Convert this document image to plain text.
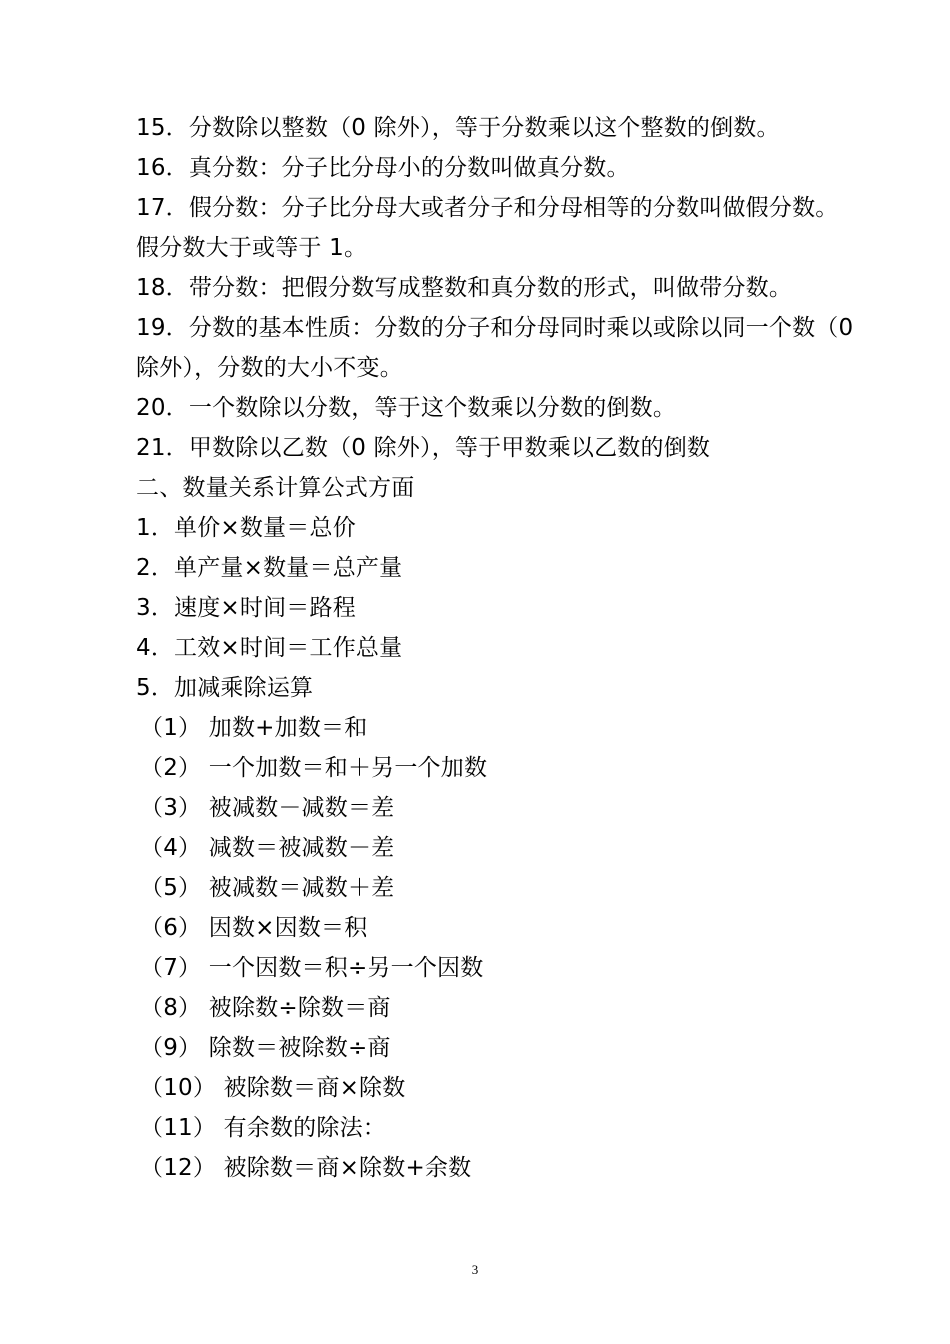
15．分数除以整数（0 除外），等于分数乘以这个整数的倒数。
16．真分数：分子比分母小的分数叫做真分数。
17．假分数：分子比分母大或者分子和分母相等的分数叫做假分数。
假分数大于或等于 1。
18．带分数：把假分数写成整数和真分数的形式，叫做带分数。
19．分数的基本性质：分数的分子和分母同时乘以或除以同一个数（0
除外），分数的大小不变。
20．一个数除以分数，等于这个数乘以分数的倒数。
21．甲数除以乙数（0 除外），等于甲数乘以乙数的倒数
二、数量关系计算公式方面
1．单价×数量＝总价
2．单产量×数量＝总产量
3．速度×时间＝路程
4．工效×时间＝工作总量
5．加减乘除运算
（1） 加数+加数＝和
（2） 一个加数＝和＋另一个加数
（3） 被减数－减数＝差
（4） 减数＝被减数－差
（5） 被减数＝减数＋差
（6） 因数×因数＝积
（7） 一个因数＝积÷另一个因数
（8） 被除数÷除数＝商
（9） 除数＝被除数÷商
（10） 被除数＝商×除数
（11） 有余数的除法：
（12） 被除数＝商×除数+余数
3
